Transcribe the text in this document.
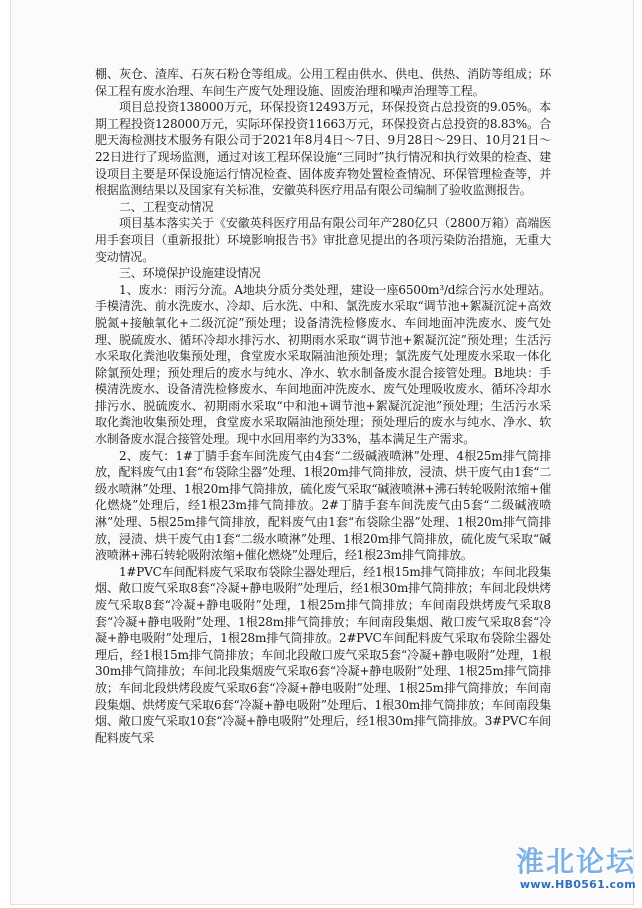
棚、灰仓、渣库、石灰石粉仓等组成。公用工程由供水、供电、供热、消防等组成；环保工程有废水治理、车间生产废气处理设施、固废治理和噪声治理等工程。

项目总投资138000万元，环保投资12493万元，环保投资占总投资的9.05%。本期工程投资128000万元，实际环保投资11663万元，环保投资占总投资的8.83%。合肥天海检测技术服务有限公司于2021年8月4日～7日、9月28日～29日、10月21日～22日进行了现场监测，通过对该工程环保设施“三同时”执行情况和执行效果的检查、建设项目主要是环保设施运行情况检查、固体废弃物处置检查情况、环保管理检查等，并根据监测结果以及国家有关标准，安徽英科医疗用品有限公司编制了验收监测报告。

二、工程变动情况

项目基本落实关于《安徽英科医疗用品有限公司年产280亿只（2800万箱）高端医用手套项目（重新报批）环境影响报告书》审批意见提出的各项污染防治措施，无重大变动情况。

三、环境保护设施建设情况

1、废水：雨污分流。A地块分质分类处理，建设一座6500m³/d综合污水处理站。手模清洗、前水洗废水、冷却、后水洗、中和、氯洗废水采取“调节池+絮凝沉淀+高效脱氮+接触氧化+二级沉淀”预处理；设备清洗检修废水、车间地面冲洗废水、废气处理、脱硫废水、循环冷却水排污水、初期雨水采取“调节池+絮凝沉淀”预处理；生活污水采取化粪池收集预处理，食堂废水采取隔油池预处理；氯洗废气处理废水采取一体化除氯预处理；预处理后的废水与纯水、净水、软水制备废水混合接管处理。B地块：手模清洗废水、设备清洗检修废水、车间地面冲洗废水、废气处理吸收废水、循环冷却水排污水、脱硫废水、初期雨水采取“中和池+调节池+絮凝沉淀池”预处理；生活污水采取化粪池收集预处理，食堂废水采取隔油池预处理；预处理后的废水与纯水、净水、软水制备废水混合接管处理。现中水回用率约为33%，基本满足生产需求。

2、废气：1#丁腈手套车间洗废气由4套“二级碱液喷淋”处理、4根25m排气筒排放，配料废气由1套“布袋除尘器”处理、1根20m排气筒排放，浸渍、烘干废气由1套“二级水喷淋”处理、1根20m排气筒排放，硫化废气采取“碱液喷淋+沸石转轮吸附浓缩+催化燃烧”处理后，经1根23m排气筒排放。2#丁腈手套车间洗废气由5套“二级碱液喷淋”处理、5根25m排气筒排放，配料废气由1套“布袋除尘器”处理、1根20m排气筒排放，浸渍、烘干废气由1套“二级水喷淋”处理、1根20m排气筒排放，硫化废气采取“碱液喷淋+沸石转轮吸附浓缩+催化燃烧”处理后，经1根23m排气筒排放。

1#PVC车间配料废气采取布袋除尘器处理后，经1根15m排气筒排放；车间北段集烟、敞口废气采取8套“冷凝+静电吸附”处理后，经1根30m排气筒排放；车间北段烘烤废气采取8套“冷凝+静电吸附”处理，1根25m排气筒排放；车间南段烘烤废气采取8套“冷凝+静电吸附”处理、1根28m排气筒排放；车间南段集烟、敞口废气采取8套“冷凝+静电吸附”处理后，1根28m排气筒排放。2#PVC车间配料废气采取布袋除尘器处理后，经1根15m排气筒排放；车间北段敞口废气采取5套“冷凝+静电吸附”处理，1根30m排气筒排放；车间北段集烟废气采取6套“冷凝+静电吸附”处理、1根25m排气筒排放；车间北段烘烤段废气采取6套“冷凝+静电吸附”处理、1根25m排气筒排放；车间南段集烟、烘烤废气采取6套“冷凝+静电吸附”处理后、1根30m排气筒排放；车间南段集烟、敞口废气采取10套“冷凝+静电吸附”处理后，经1根30m排气筒排放。3#PVC车间配料废气采

淮北论坛
www.HB0561.com
